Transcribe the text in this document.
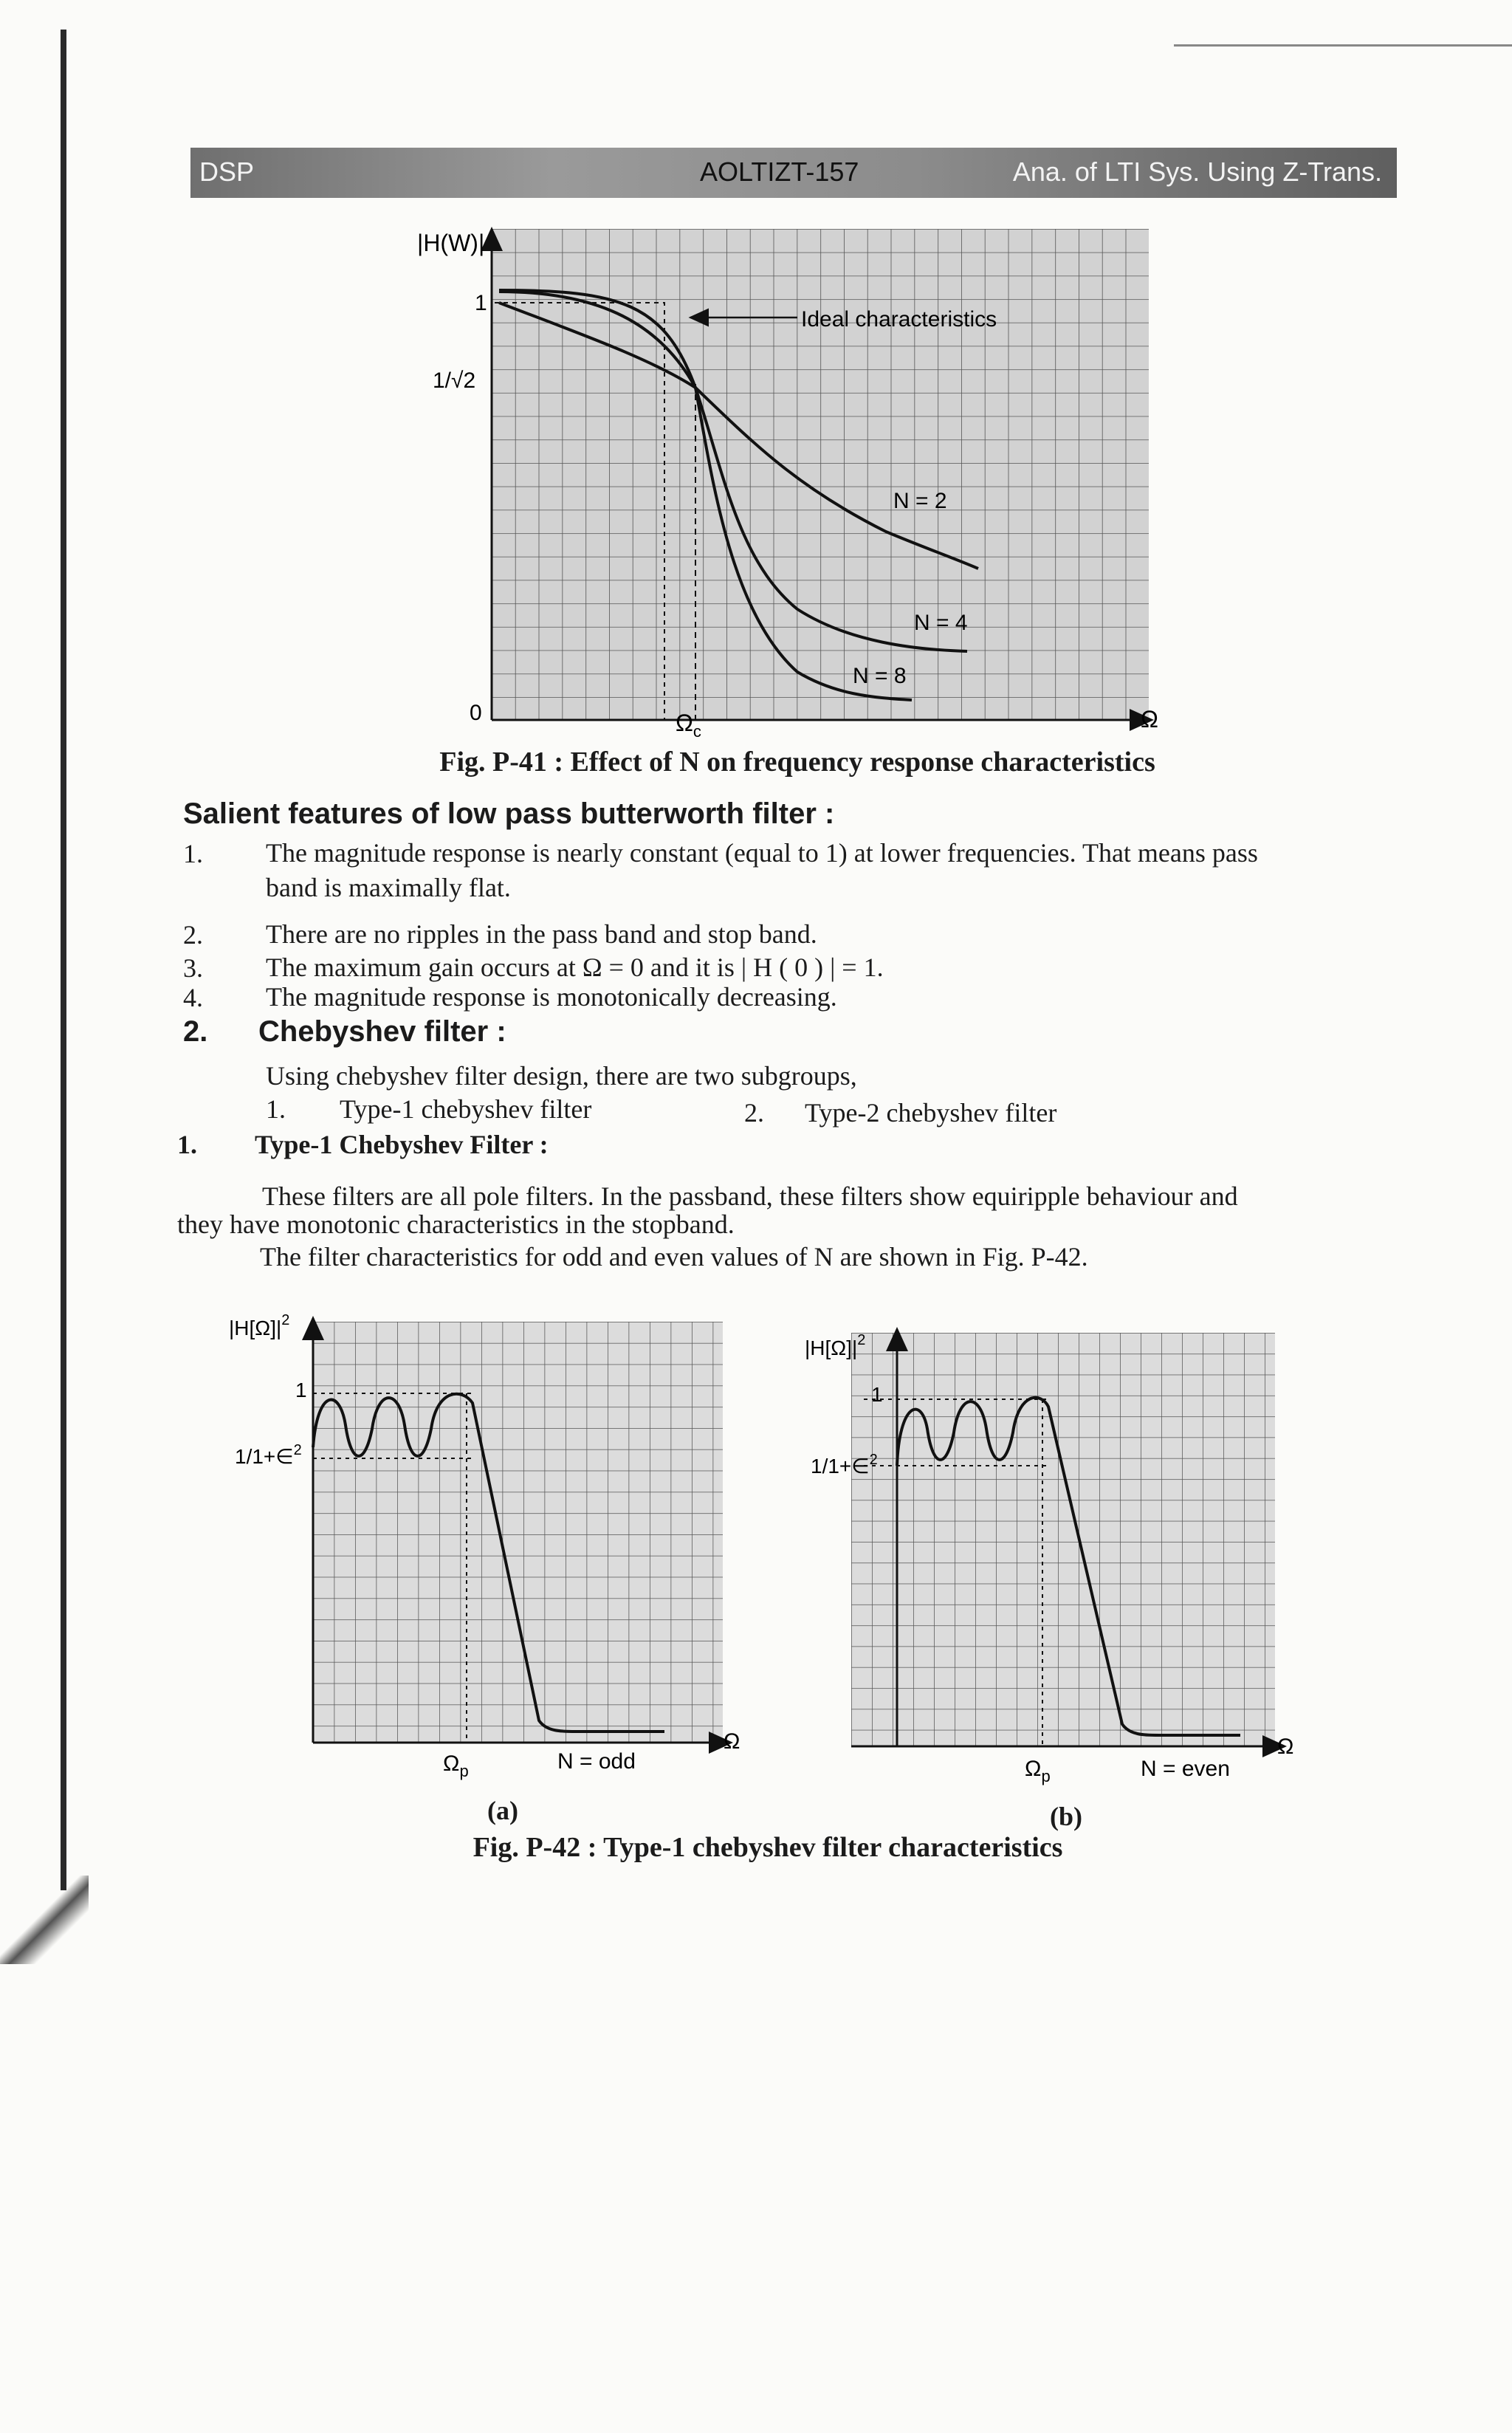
DSP	AOLTIZT-157	Ana. of LTI Sys. Using Z-Trans.
|H(W)|
1
1/√2
0	Ω
$\Omega_c$
Ideal characteristics
N = 2
N = 4
N = 8
Fig. P-41 : Effect of N on frequency response characteristics
Salient features of low pass butterworth filter :
1. The magnitude response is nearly constant (equal to 1) at lower frequencies. That means pass
band is maximally flat.
2. There are no ripples in the pass band and stop band.
3. The maximum gain occurs at Ω = 0 and it is | H ( 0 ) | = 1.
4. The magnitude response is monotonically decreasing.
2. Chebyshev filter :
Using chebyshev filter design, there are two subgroups,
1. Type-1 chebyshev filter	2. Type-2 chebyshev filter
1. Type-1 Chebyshev Filter :
These filters are all pole filters. In the passband, these filters show equiripple behaviour and
they have monotonic characteristics in the stopband.
The filter characteristics for odd and even values of N are shown in Fig. P-42.
$|H[\Omega]|^2$
1
1/1+∈$^2$
Ω
$\Omega_p$	N = odd
$|H[\Omega]|^2$
1
1/1+∈$^2$
Ω
$\Omega_p$	N = even
(a)	(b)
Fig. P-42 : Type-1 chebyshev filter characteristics
